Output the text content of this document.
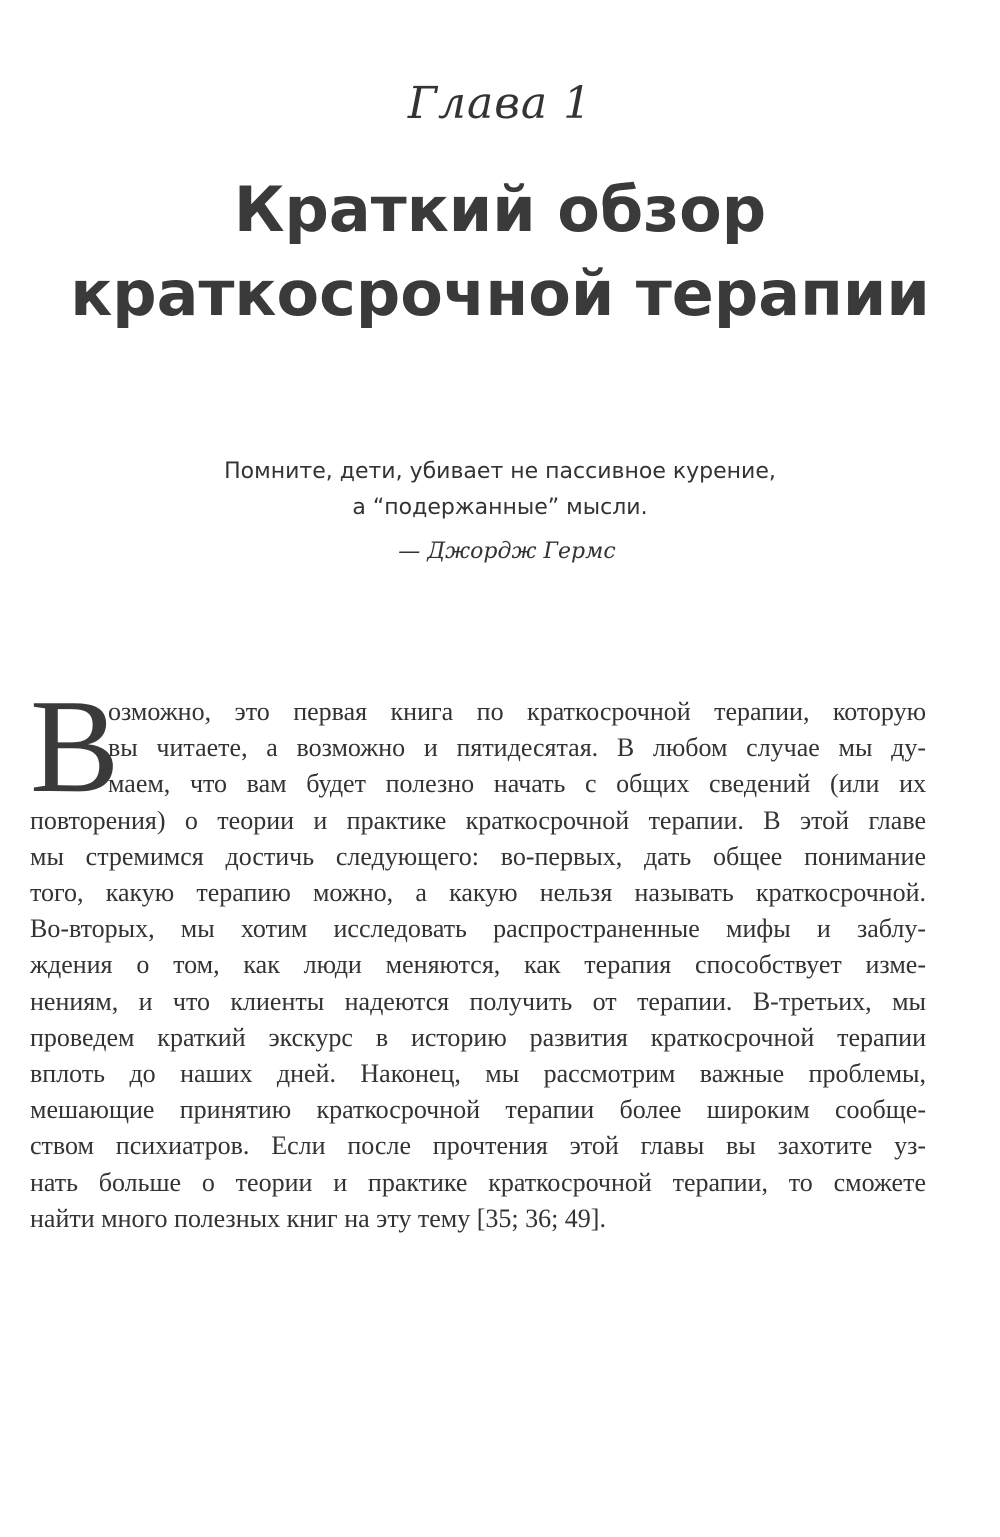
Глава 1
Краткий обзор
краткосрочной терапии
Помните, дети, убивает не пассивное курение,
а “подержанные” мысли.
— Джордж Гермс
В
озможно, это первая книга по краткосрочной терапии, которую
вы читаете, а возможно и пятидесятая. В любом случае мы ду-
маем, что вам будет полезно начать с общих сведений (или их
повторения) о теории и практике краткосрочной терапии. В этой главе
мы стремимся достичь следующего: во-первых, дать общее понимание
того, какую терапию можно, а какую нельзя называть краткосрочной.
Во-вторых, мы хотим исследовать распространенные мифы и заблу-
ждения о том, как люди меняются, как терапия способствует изме-
нениям, и что клиенты надеются получить от терапии. В-третьих, мы
проведем краткий экскурс в историю развития краткосрочной терапии
вплоть до наших дней. Наконец, мы рассмотрим важные проблемы,
мешающие принятию краткосрочной терапии более широким сообще-
ством психиатров. Если после прочтения этой главы вы захотите уз-
нать больше о теории и практике краткосрочной терапии, то сможете
найти много полезных книг на эту тему [35; 36; 49].
